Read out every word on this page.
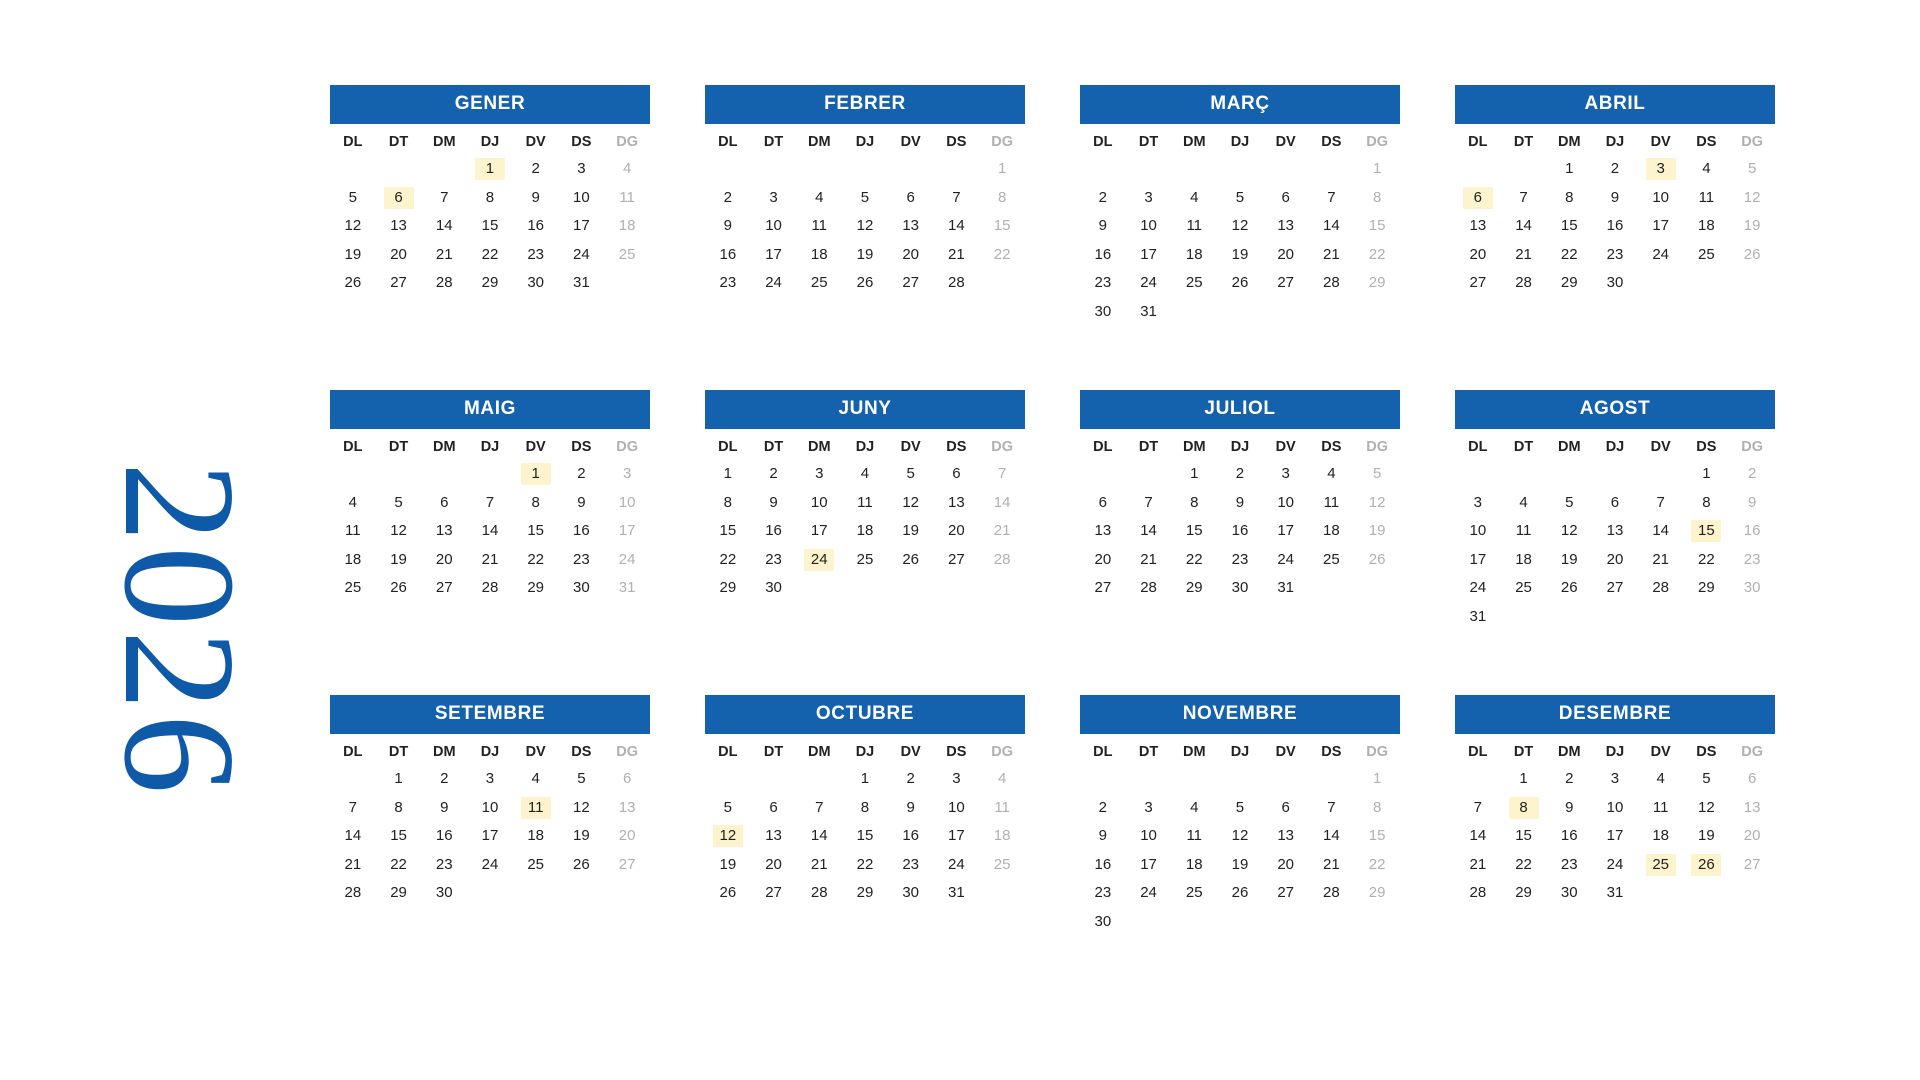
2026
GENER
DL	DT	DM	DJ	DV	DS	DG
			1	2	3	4
5	6	7	8	9	10	11
12	13	14	15	16	17	18
19	20	21	22	23	24	25
26	27	28	29	30	31	
FEBRER
DL	DT	DM	DJ	DV	DS	DG
						1
2	3	4	5	6	7	8
9	10	11	12	13	14	15
16	17	18	19	20	21	22
23	24	25	26	27	28	
MARÇ
DL	DT	DM	DJ	DV	DS	DG
						1
2	3	4	5	6	7	8
9	10	11	12	13	14	15
16	17	18	19	20	21	22
23	24	25	26	27	28	29
30	31					
ABRIL
DL	DT	DM	DJ	DV	DS	DG
		1	2	3	4	5
6	7	8	9	10	11	12
13	14	15	16	17	18	19
20	21	22	23	24	25	26
27	28	29	30			
MAIG
DL	DT	DM	DJ	DV	DS	DG
				1	2	3
4	5	6	7	8	9	10
11	12	13	14	15	16	17
18	19	20	21	22	23	24
25	26	27	28	29	30	31
JUNY
DL	DT	DM	DJ	DV	DS	DG
1	2	3	4	5	6	7
8	9	10	11	12	13	14
15	16	17	18	19	20	21
22	23	24	25	26	27	28
29	30					
JULIOL
DL	DT	DM	DJ	DV	DS	DG
		1	2	3	4	5
6	7	8	9	10	11	12
13	14	15	16	17	18	19
20	21	22	23	24	25	26
27	28	29	30	31		
AGOST
DL	DT	DM	DJ	DV	DS	DG
					1	2
3	4	5	6	7	8	9
10	11	12	13	14	15	16
17	18	19	20	21	22	23
24	25	26	27	28	29	30
31						
SETEMBRE
DL	DT	DM	DJ	DV	DS	DG
	1	2	3	4	5	6
7	8	9	10	11	12	13
14	15	16	17	18	19	20
21	22	23	24	25	26	27
28	29	30				
OCTUBRE
DL	DT	DM	DJ	DV	DS	DG
			1	2	3	4
5	6	7	8	9	10	11
12	13	14	15	16	17	18
19	20	21	22	23	24	25
26	27	28	29	30	31	
NOVEMBRE
DL	DT	DM	DJ	DV	DS	DG
						1
2	3	4	5	6	7	8
9	10	11	12	13	14	15
16	17	18	19	20	21	22
23	24	25	26	27	28	29
30						
DESEMBRE
DL	DT	DM	DJ	DV	DS	DG
	1	2	3	4	5	6
7	8	9	10	11	12	13
14	15	16	17	18	19	20
21	22	23	24	25	26	27
28	29	30	31			
